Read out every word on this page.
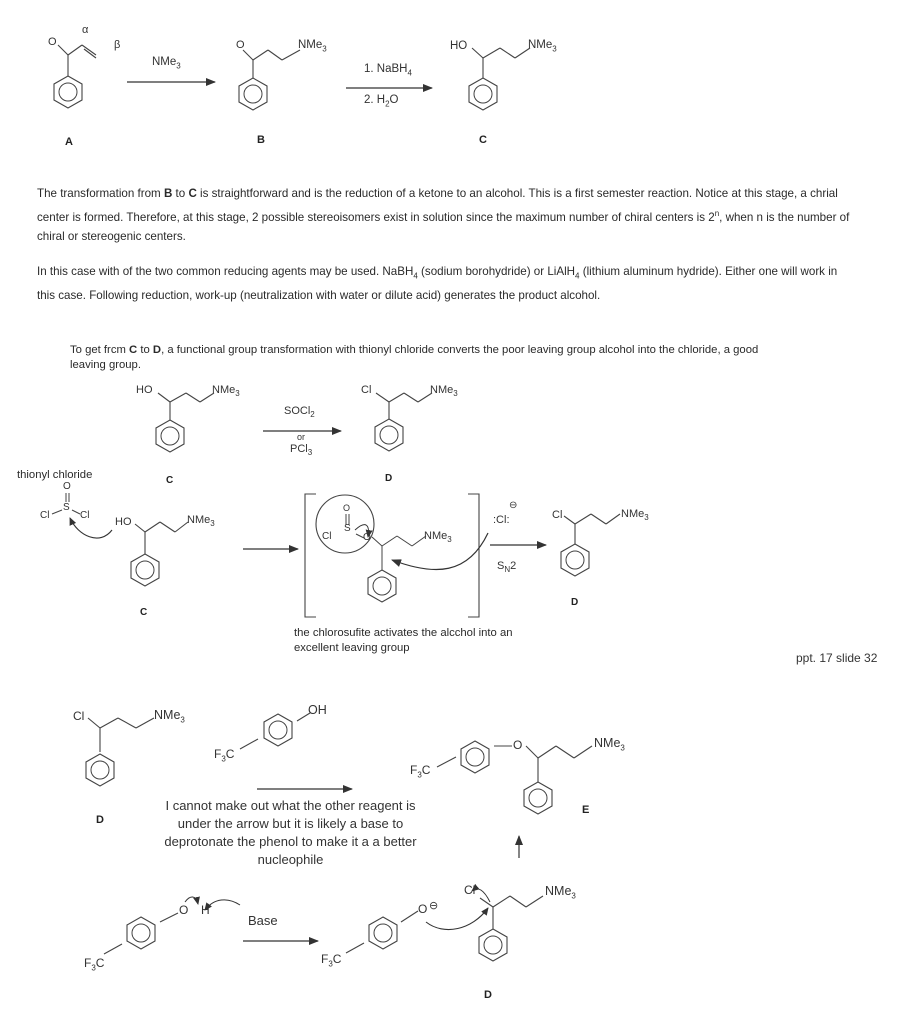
α
O	β
NMe$_3$
O	NMe$_3$
1. NaBH$_4$
2. $H_2O$
HO	NMe$_3$
A	B	C
The transformation from B to C is straightforward and is the reduction of a ketone to an alcohol. This is a first semester reaction. Notice at this stage, a chrial center is formed. Therefore, at this stage, 2 possible stereoisomers exist in solution since the maximum number of chiral centers is 2$^n$, when n is the number of chiral or stereogenic centers.
In this case with of the two common reducing agents may be used. NaBH$_4$ (sodium borohydride) or LiAlH$_4$ (lithium aluminum hydride). Either one will work in this case. Following reduction, work-up (neutralization with water or dilute acid) generates the product alcohol.
To get frcm C to D, a functional group transformation with thionyl chloride converts the poor leaving group alcohol into the chloride, a good leaving group.
HO	NMe$_3$
SOCl$_2$
or
PCl$_3$
Cl	NMe$_3$
C	D
thionyl chloride
O
S
Cl	Cl
HO	NMe$_3$
C
O
S
Cl	O	NMe$_3$
:Cl:
⊖
$S_N2$
Cl	NMe$_3$
D
the chlorosufite activates the alcchol into an excellent leaving group
ppt. 17 slide 32
Cl	NMe$_3$
D
OH
$F_3C$
I cannot make out what the other reagent is under the arrow but it is likely a base to deprotonate the phenol to make it a a better nucleophile
$F_3C$
O	NMe$_3$
E
Base
O H
$F_3C$
O ⊖
$F_3C$
Cl	NMe$_3$
D
